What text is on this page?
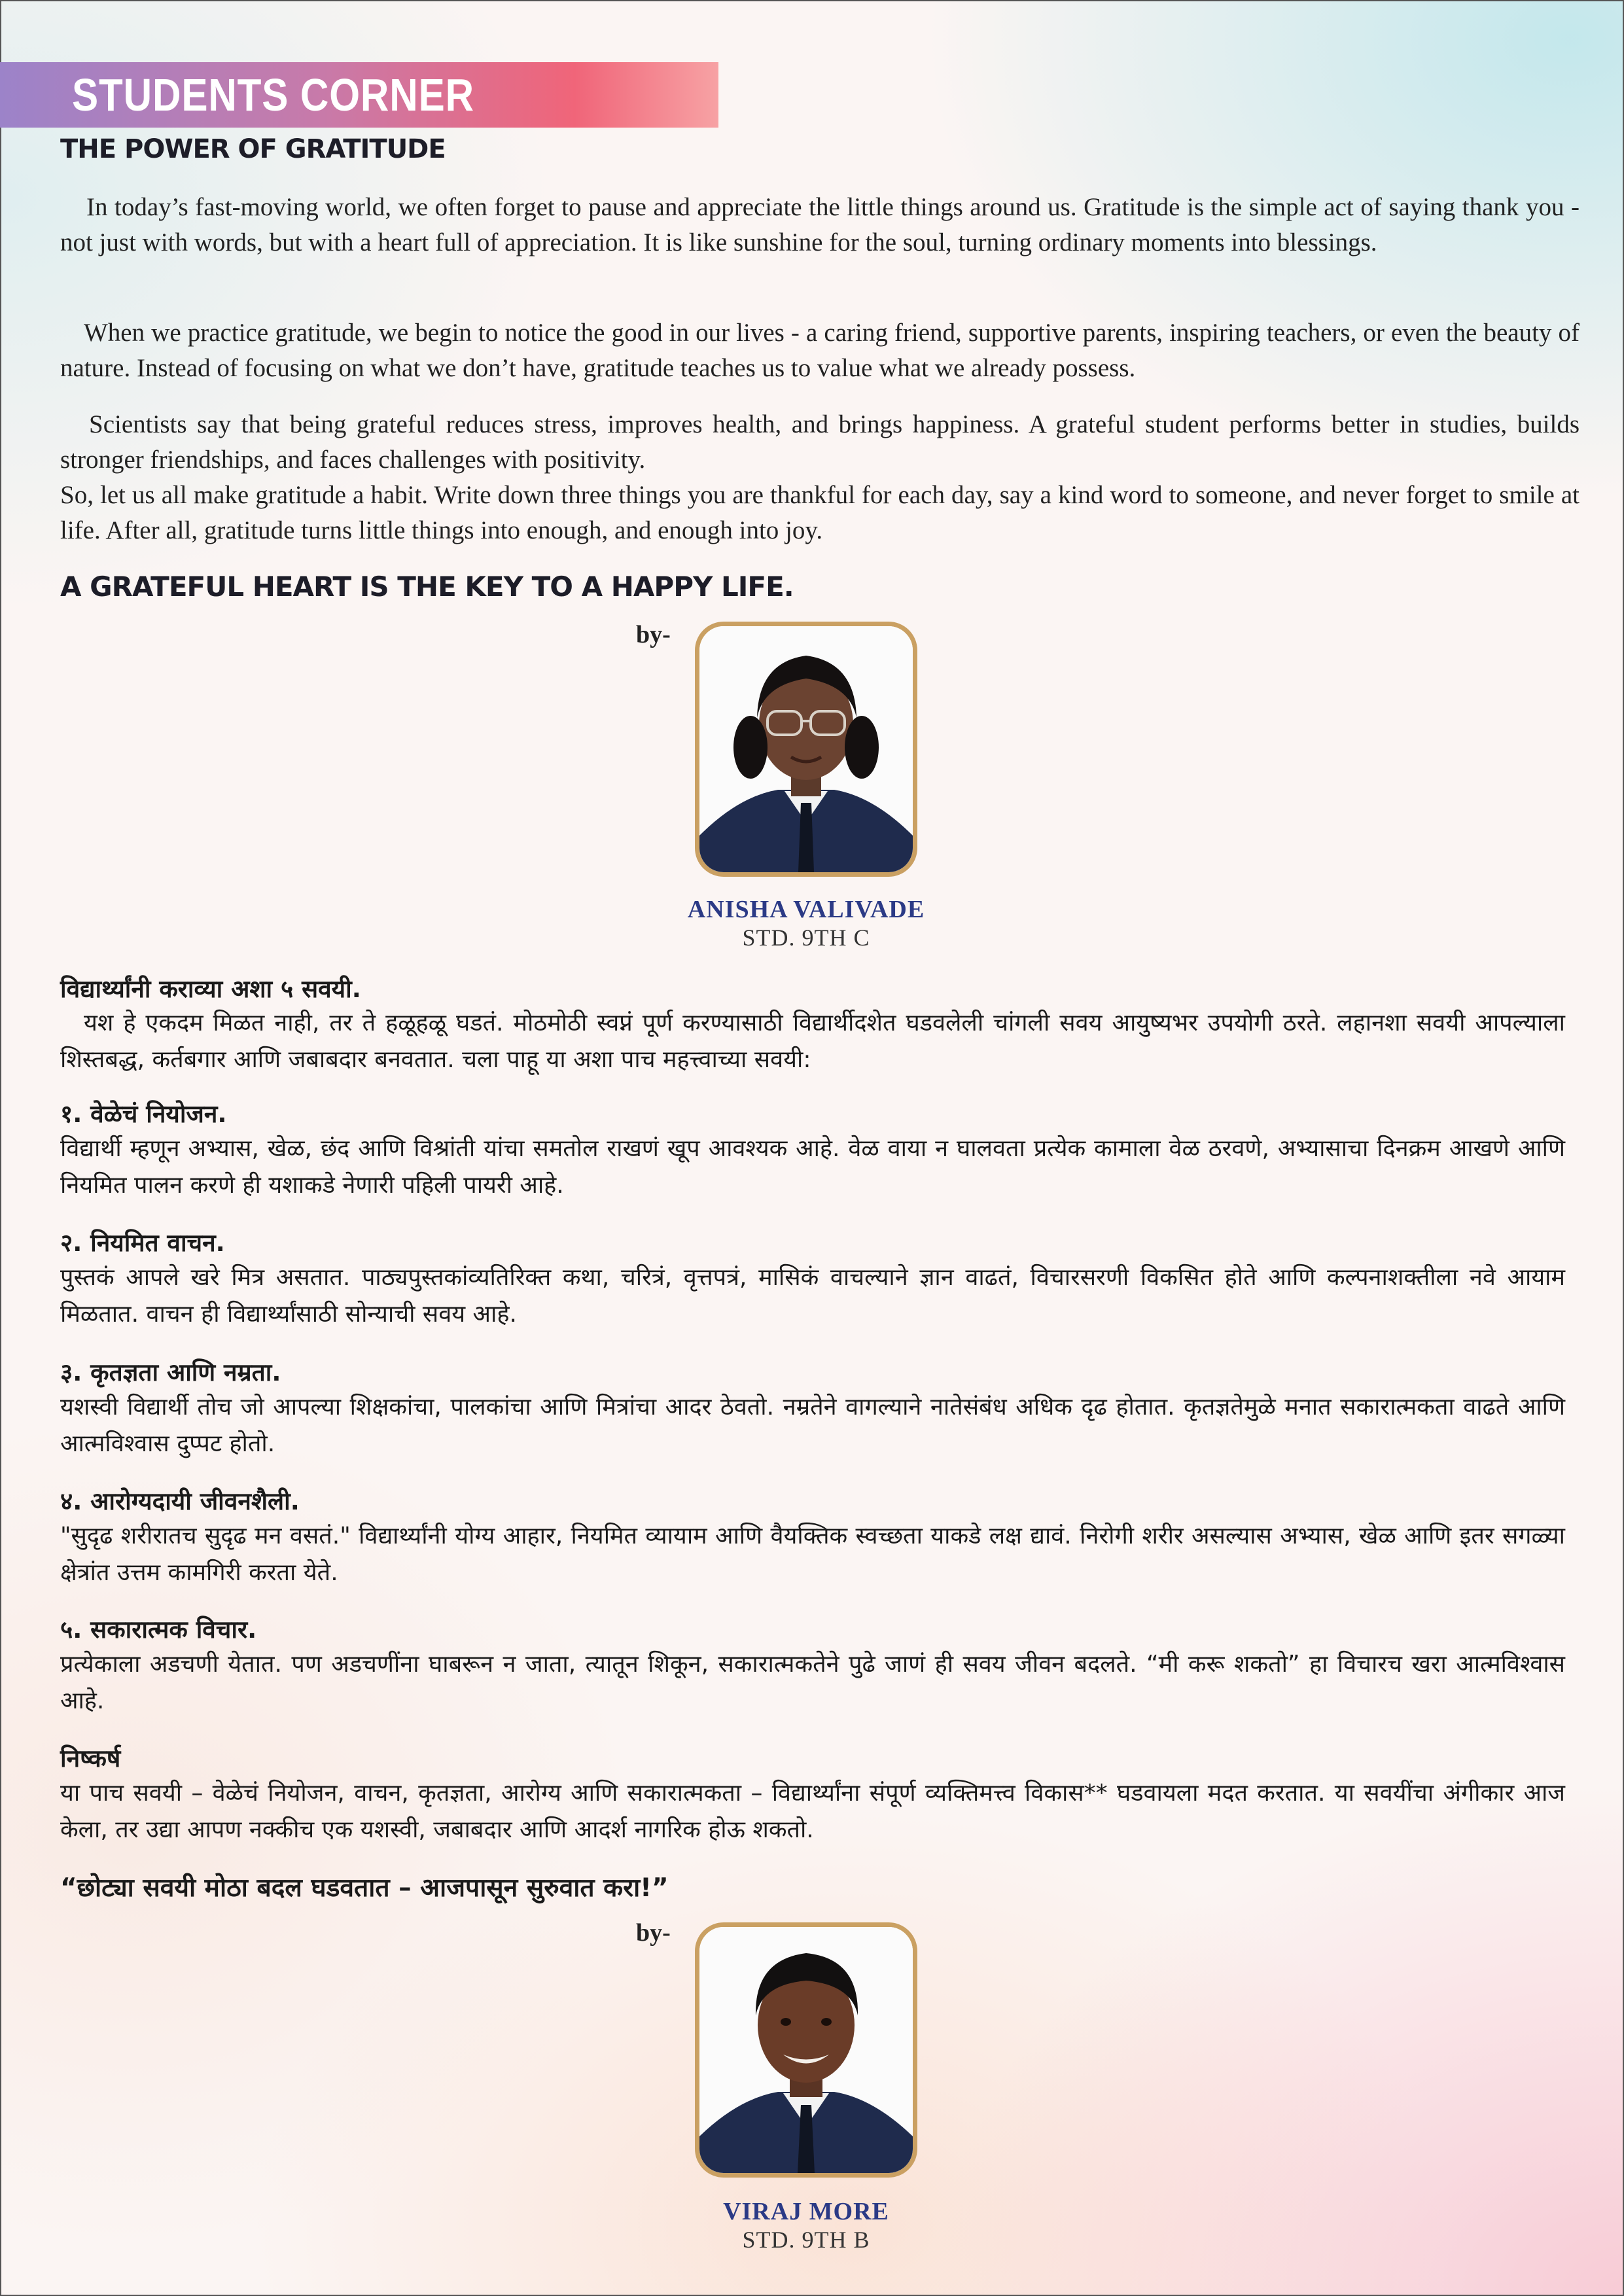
STUDENTS CORNER
THE POWER OF GRATITUDE

In today’s fast-moving world, we often forget to pause and appreciate the little things around us. Gratitude is the simple act of saying thank you - not just with words, but with a heart full of appreciation. It is like sunshine for the soul, turning ordinary moments into blessings.

When we practice gratitude, we begin to notice the good in our lives - a caring friend, supportive parents, inspiring teachers, or even the beauty of nature. Instead of focusing on what we don’t have, gratitude teaches us to value what we already possess.

Scientists say that being grateful reduces stress, improves health, and brings happiness. A grateful student performs better in studies, builds stronger friendships, and faces challenges with positivity.

So, let us all make gratitude a habit. Write down three things you are thankful for each day, say a kind word to someone, and never forget to smile at life. After all, gratitude turns little things into enough, and enough into joy.

A GRATEFUL HEART IS THE KEY TO A HAPPY LIFE.
by-
ANISHA VALIVADE
STD. 9TH C
विद्यार्थ्यांनी कराव्या अशा ५ सवयी.

यश हे एकदम मिळत नाही, तर ते हळूहळू घडतं. मोठमोठी स्वप्नं पूर्ण करण्यासाठी विद्यार्थीदशेत घडवलेली चांगली सवय आयुष्यभर उपयोगी ठरते. लहानशा सवयी आपल्याला शिस्तबद्ध, कर्तबगार आणि जबाबदार बनवतात. चला पाहू या अशा पाच महत्त्वाच्या सवयी:

१. वेळेचं नियोजन.

विद्यार्थी म्हणून अभ्यास, खेळ, छंद आणि विश्रांती यांचा समतोल राखणं खूप आवश्यक आहे. वेळ वाया न घालवता प्रत्येक कामाला वेळ ठरवणे, अभ्यासाचा दिनक्रम आखणे आणि नियमित पालन करणे ही यशाकडे नेणारी पहिली पायरी आहे.

२. नियमित वाचन.

पुस्तकं आपले खरे मित्र असतात. पाठ्यपुस्तकांव्यतिरिक्त कथा, चरित्रं, वृत्तपत्रं, मासिकं वाचल्याने ज्ञान वाढतं, विचारसरणी विकसित होते आणि कल्पनाशक्तीला नवे आयाम मिळतात. वाचन ही विद्यार्थ्यांसाठी सोन्याची सवय आहे.

३. कृतज्ञता आणि नम्रता.

यशस्वी विद्यार्थी तोच जो आपल्या शिक्षकांचा, पालकांचा आणि मित्रांचा आदर ठेवतो. नम्रतेने वागल्याने नातेसंबंध अधिक दृढ होतात. कृतज्ञतेमुळे मनात सकारात्मकता वाढते आणि आत्मविश्वास दुप्पट होतो.

४. आरोग्यदायी जीवनशैली.

"सुदृढ शरीरातच सुदृढ मन वसतं." विद्यार्थ्यांनी योग्य आहार, नियमित व्यायाम आणि वैयक्तिक स्वच्छता याकडे लक्ष द्यावं. निरोगी शरीर असल्यास अभ्यास, खेळ आणि इतर सगळ्या क्षेत्रांत उत्तम कामगिरी करता येते.

५. सकारात्मक विचार.

प्रत्येकाला अडचणी येतात. पण अडचणींना घाबरून न जाता, त्यातून शिकून, सकारात्मकतेने पुढे जाणं ही सवय जीवन बदलते. “मी करू शकतो” हा विचारच खरा आत्मविश्वास आहे.

निष्कर्ष

या पाच सवयी – वेळेचं नियोजन, वाचन, कृतज्ञता, आरोग्य आणि सकारात्मकता – विद्यार्थ्यांना संपूर्ण व्यक्तिमत्त्व विकास** घडवायला मदत करतात. या सवयींचा अंगीकार आज केला, तर उद्या आपण नक्कीच एक यशस्वी, जबाबदार आणि आदर्श नागरिक होऊ शकतो.

“छोट्या सवयी मोठा बदल घडवतात – आजपासून सुरुवात करा!”
by-
VIRAJ MORE
STD. 9TH B
